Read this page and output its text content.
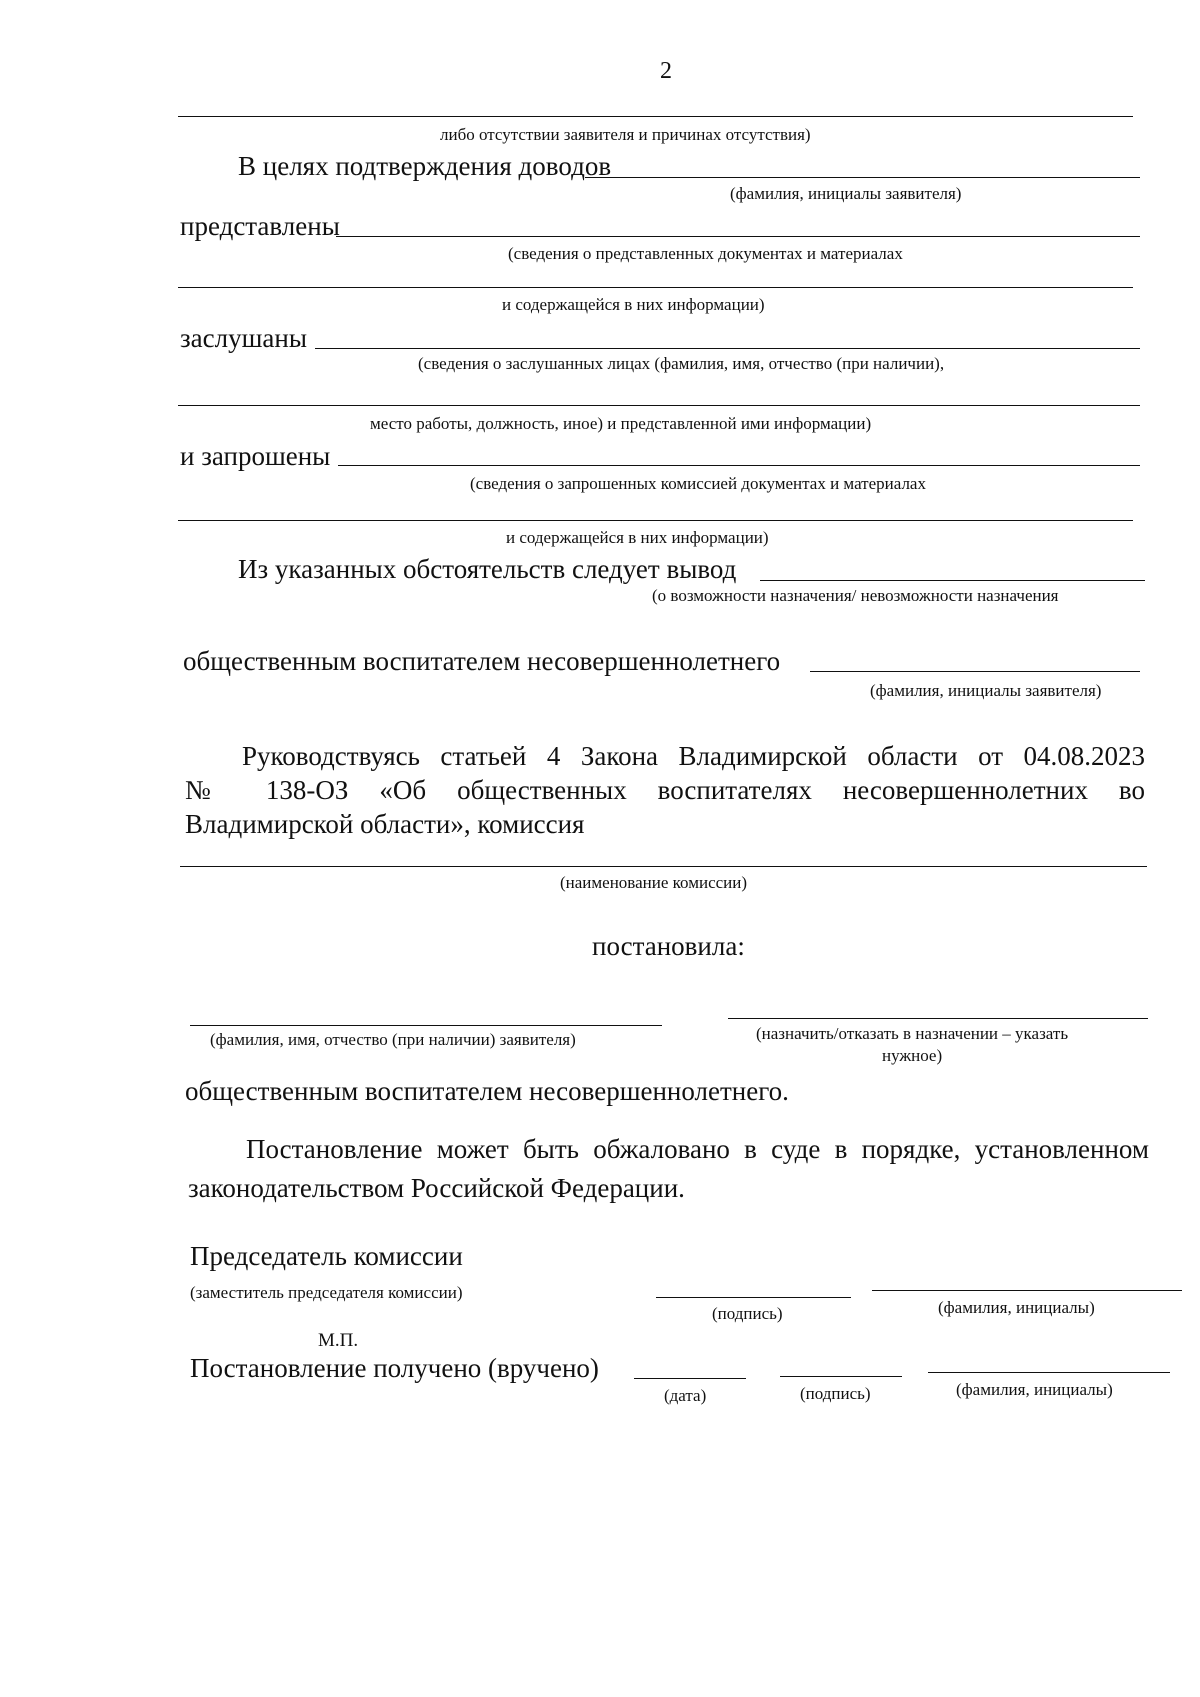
2
либо отсутствии заявителя и причинах отсутствия)
В целях подтверждения доводов
(фамилия, инициалы заявителя)
представлены
(сведения о представленных документах и материалах
и содержащейся в них информации)
заслушаны
(сведения о заслушанных лицах (фамилия, имя, отчество (при наличии),
место работы, должность, иное) и представленной ими информации)
и запрошены
(сведения о запрошенных комиссией документах и материалах
и содержащейся в них информации)
Из указанных обстоятельств следует вывод
(о возможности назначения/ невозможности назначения
общественным воспитателем несовершеннолетнего
(фамилия, инициалы заявителя)
Руководствуясь статьей 4 Закона Владимирской области от 04.08.2023
№ 138-ОЗ «Об общественных воспитателях несовершеннолетних во
Владимирской области», комиссия
(наименование комиссии)
постановила:
(фамилия, имя, отчество (при наличии) заявителя)	(назначить/отказать в назначении – указать
нужное)
общественным воспитателем несовершеннолетнего.
Постановление может быть обжаловано в суде в порядке, установленном
законодательством Российской Федерации.
Председатель комиссии
(заместитель председателя комиссии)
(подпись)	(фамилия, инициалы)
М.П.
Постановление получено (вручено)
(дата)	(подпись)	(фамилия, инициалы)
